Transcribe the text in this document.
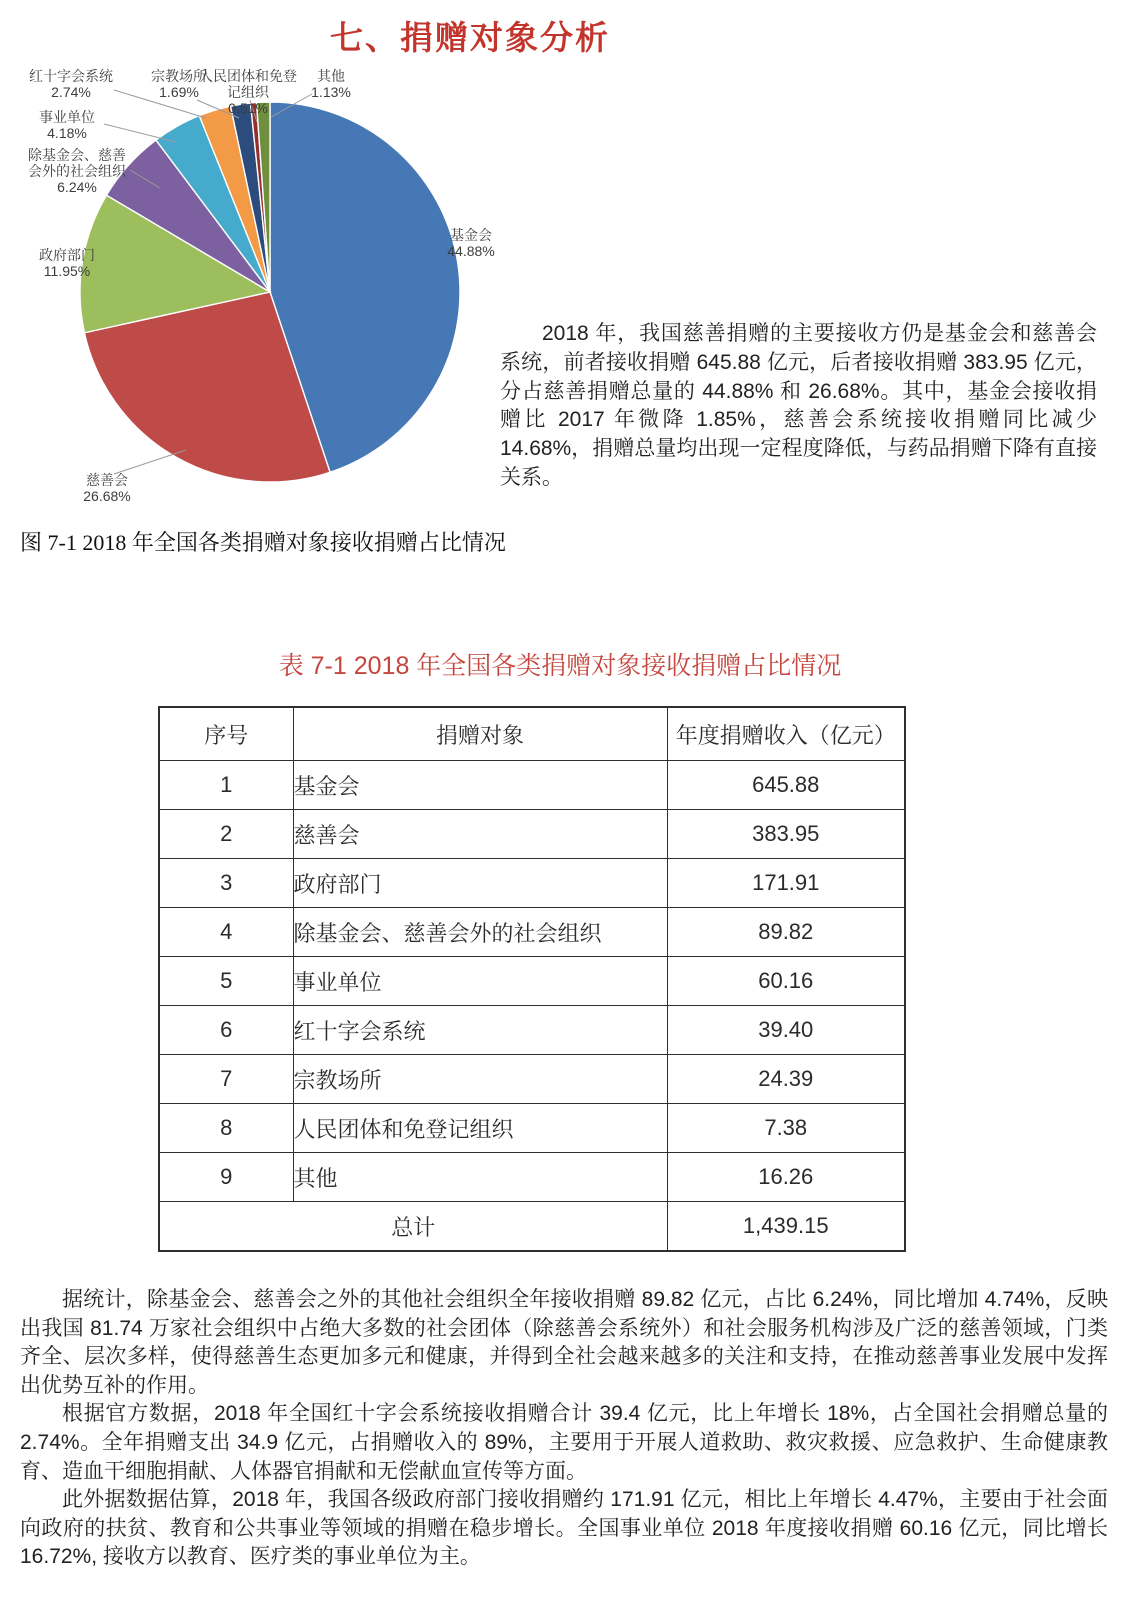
七、捐赠对象分析
红十字会系统
2.74%
宗教场所
1.69%
人民团体和免登记组织
0.51%
其他
1.13%
事业单位
4.18%
除基金会、慈善会外的社会组织
6.24%
政府部门
11.95%
基金会
44.88%
慈善会
26.68%
2018 年，我国慈善捐赠的主要接收方仍是基金会和慈善会系统，前者接收捐赠 645.88 亿元，后者接收捐赠 383.95 亿元，分占慈善捐赠总量的 44.88% 和 26.68%。其中，基金会接收捐赠比 2017 年微降 1.85%，慈善会系统接收捐赠同比减少 14.68%，捐赠总量均出现一定程度降低，与药品捐赠下降有直接关系。
图 7-1 2018 年全国各类捐赠对象接收捐赠占比情况
表 7-1 2018 年全国各类捐赠对象接收捐赠占比情况
序号	捐赠对象	年度捐赠收入（亿元）
1	基金会	645.88
2	慈善会	383.95
3	政府部门	171.91
4	除基金会、慈善会外的社会组织	89.82
5	事业单位	60.16
6	红十字会系统	39.40
7	宗教场所	24.39
8	人民团体和免登记组织	7.38
9	其他	16.26
总计		1,439.15

据统计，除基金会、慈善会之外的其他社会组织全年接收捐赠 89.82 亿元，占比 6.24%，同比增加 4.74%，反映出我国 81.74 万家社会组织中占绝大多数的社会团体（除慈善会系统外）和社会服务机构涉及广泛的慈善领域，门类齐全、层次多样，使得慈善生态更加多元和健康，并得到全社会越来越多的关注和支持，在推动慈善事业发展中发挥出优势互补的作用。

根据官方数据，2018 年全国红十字会系统接收捐赠合计 39.4 亿元，比上年增长 18%，占全国社会捐赠总量的 2.74%。全年捐赠支出 34.9 亿元，占捐赠收入的 89%，主要用于开展人道救助、救灾救援、应急救护、生命健康教育、造血干细胞捐献、人体器官捐献和无偿献血宣传等方面。

此外据数据估算，2018 年，我国各级政府部门接收捐赠约 171.91 亿元，相比上年增长 4.47%，主要由于社会面向政府的扶贫、教育和公共事业等领域的捐赠在稳步增长。全国事业单位 2018 年度接收捐赠 60.16 亿元，同比增长 16.72%, 接收方以教育、医疗类的事业单位为主。
